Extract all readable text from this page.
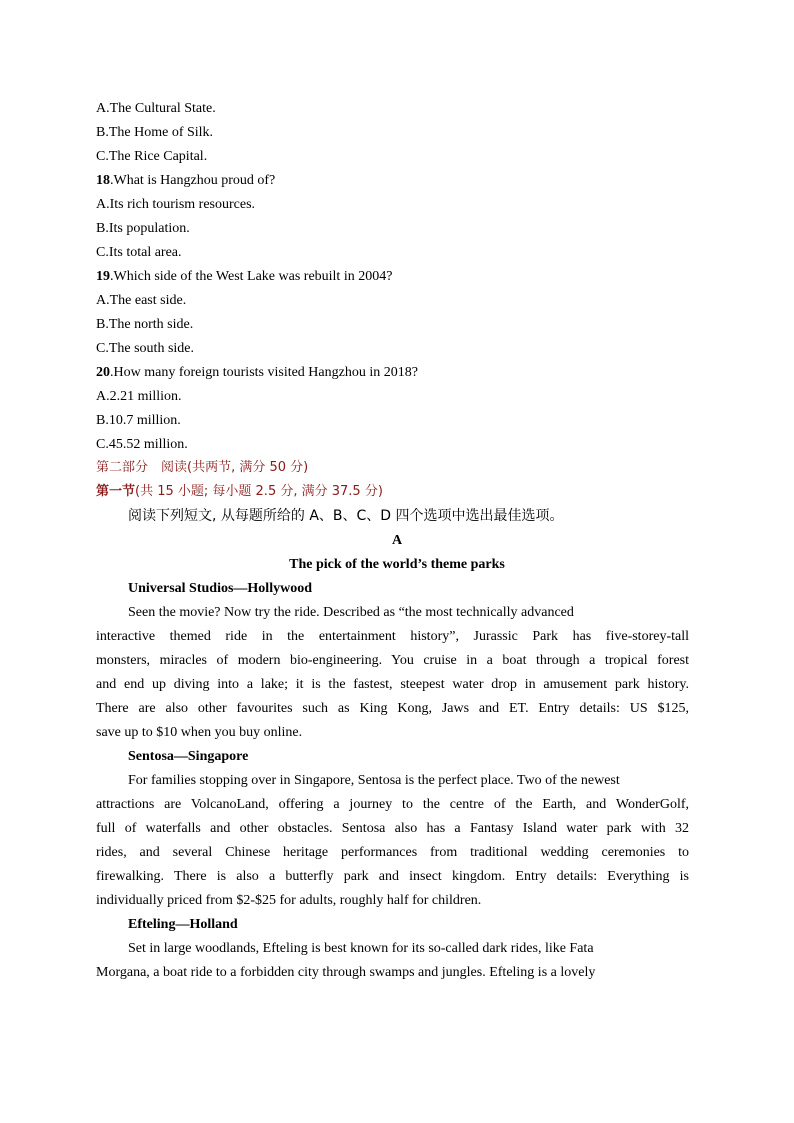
A.The Cultural State.
B.The Home of Silk.
C.The Rice Capital.
18.What is Hangzhou proud of?
A.Its rich tourism resources.
B.Its population.
C.Its total area.
19.Which side of the West Lake was rebuilt in 2004?
A.The east side.
B.The north side.
C.The south side.
20.How many foreign tourists visited Hangzhou in 2018?
A.2.21 million.
B.10.7 million.
C.45.52 million.
第二部分　阅读(共两节, 满分 50 分)
第一节(共 15 小题; 每小题 2.5 分, 满分 37.5 分)
阅读下列短文, 从每题所给的 A、B、C、D 四个选项中选出最佳选项。
A
The pick of the world’s theme parks
Universal Studios—Hollywood
Seen the movie? Now try the ride. Described as “the most technically advanced
interactive themed ride in the entertainment history”, Jurassic Park has five-storey-tall
monsters, miracles of modern bio-engineering. You cruise in a boat through a tropical forest
and end up diving into a lake; it is the fastest, steepest water drop in amusement park history.
There are also other favourites such as King Kong, Jaws and ET. Entry details: US $125,
save up to $10 when you buy online.
Sentosa—Singapore
For families stopping over in Singapore, Sentosa is the perfect place. Two of the newest
attractions are VolcanoLand, offering a journey to the centre of the Earth, and WonderGolf,
full of waterfalls and other obstacles. Sentosa also has a Fantasy Island water park with 32
rides, and several Chinese heritage performances from traditional wedding ceremonies to
firewalking. There is also a butterfly park and insect kingdom. Entry details: Everything is
individually priced from $2-$25 for adults, roughly half for children.
Efteling—Holland
Set in large woodlands, Efteling is best known for its so-called dark rides, like Fata
Morgana, a boat ride to a forbidden city through swamps and jungles. Efteling is a lovely
